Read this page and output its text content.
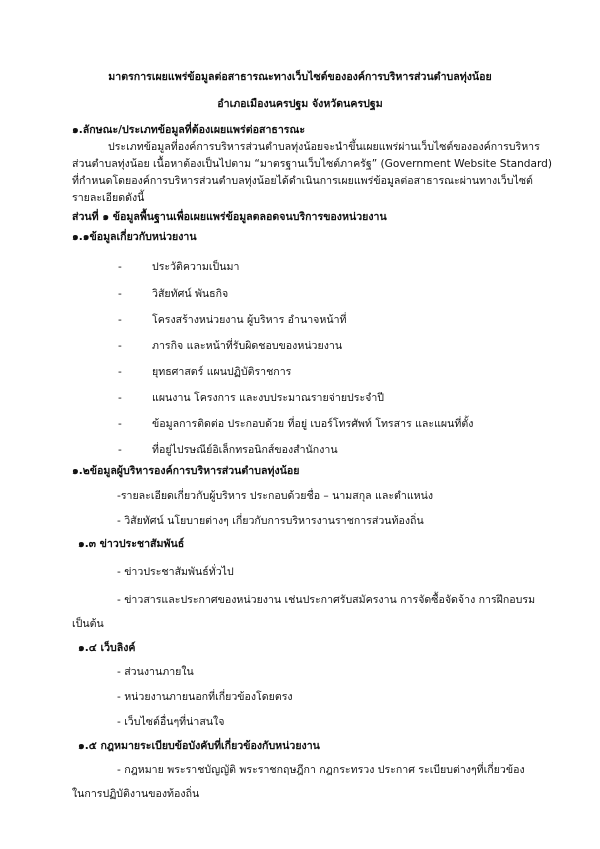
มาตรการเผยแพร่ข้อมูลต่อสาธารณะทางเว็บไซต์ขององค์การบริหารส่วนตำบลทุ่งน้อย
อำเภอเมืองนครปฐม จังหวัดนครปฐม
๑.ลักษณะ/ประเภทข้อมูลที่ต้องเผยแพร่ต่อสาธารณะ
ประเภทข้อมูลที่องค์การบริหารส่วนตำบลทุ่งน้อยจะนำขึ้นเผยแพร่ผ่านเว็บไซต์ขององค์การบริหาร
ส่วนตำบลทุ่งน้อย เนื้อหาต้องเป็นไปตาม “มาตรฐานเว็บไซต์ภาครัฐ” (Government Website Standard)
ที่กำหนดโดยองค์การบริหารส่วนตำบลทุ่งน้อยได้ดำเนินการเผยแพร่ข้อมูลต่อสาธารณะผ่านทางเว็บไซต์
รายละเอียดดังนี้
ส่วนที่ ๑ ข้อมูลพื้นฐานเพื่อเผยแพร่ข้อมูลตลอดจนบริการของหน่วยงาน
๑.๑ข้อมูลเกี่ยวกับหน่วยงาน
-	ประวัติความเป็นมา
-	วิสัยทัศน์ พันธกิจ
-	โครงสร้างหน่วยงาน ผู้บริหาร อำนาจหน้าที่
-	ภารกิจ และหน้าที่รับผิดชอบของหน่วยงาน
-	ยุทธศาสตร์ แผนปฏิบัติราชการ
-	แผนงาน โครงการ และงบประมาณรายจ่ายประจำปี
-	ข้อมูลการติดต่อ ประกอบด้วย ที่อยู่ เบอร์โทรศัพท์ โทรสาร และแผนที่ตั้ง
-	ที่อยู่ไปรษณีย์อิเล็กทรอนิกส์ของสำนักงาน
๑.๒ข้อมูลผู้บริหารองค์การบริหารส่วนตำบลทุ่งน้อย
-รายละเอียดเกี่ยวกับผู้บริหาร ประกอบด้วยชื่อ – นามสกุล และตำแหน่ง
- วิสัยทัศน์ นโยบายต่างๆ เกี่ยวกับการบริหารงานราชการส่วนท้องถิ่น
๑.๓ ข่าวประชาสัมพันธ์
- ข่าวประชาสัมพันธ์ทั่วไป
- ข่าวสารและประกาศของหน่วยงาน เช่นประกาศรับสมัครงาน การจัดซื้อจัดจ้าง การฝึกอบรม
เป็นต้น
๑.๔ เว็บลิงค์
- ส่วนงานภายใน
- หน่วยงานภายนอกที่เกี่ยวข้องโดยตรง
- เว็บไซต์อื่นๆที่น่าสนใจ
๑.๕ กฎหมายระเบียบข้อบังคับที่เกี่ยวข้องกับหน่วยงาน
- กฎหมาย พระราชบัญญัติ พระราชกฤษฎีกา กฎกระทรวง ประกาศ ระเบียบต่างๆที่เกี่ยวข้อง
ในการปฏิบัติงานของท้องถิ่น
